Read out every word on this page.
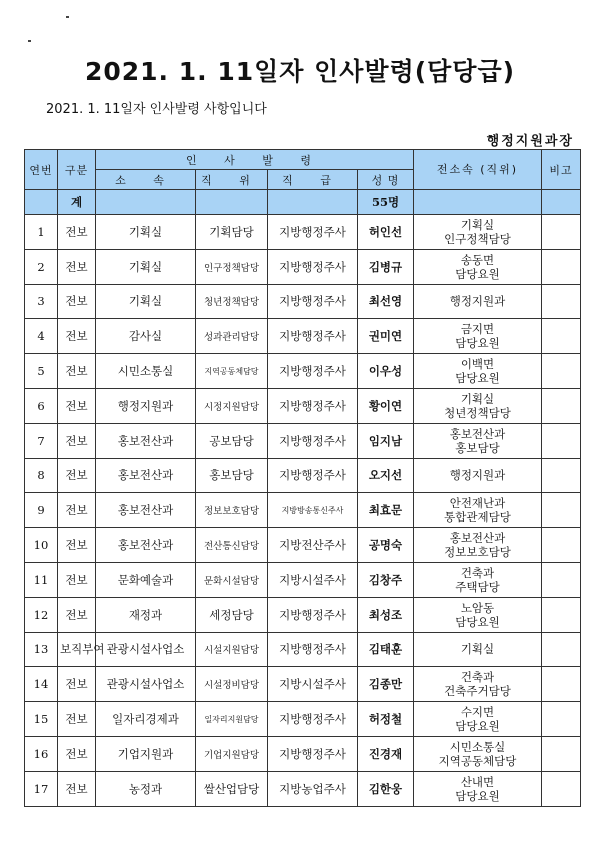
2021. 1. 11일자 인사발령(담당급)
2021. 1. 11일자 인사발령 사항입니다
행정지원과장
연번	구분	인 사 발 령				전소속 (직위)	비고
		소 속	직 위	직 급	성 명		
	계				55명		
1	전보	기획실	기획담당	지방행정주사	허인선	기획실
인구정책담당	

2	전보	기획실	인구정책담당	지방행정주사	김병규	송동면
담당요원	

3	전보	기획실	청년정책담당	지방행정주사	최선영	행정지원과	

4	전보	감사실	성과관리담당	지방행정주사	권미연	금지면
담당요원	

5	전보	시민소통실	지역공동체담당	지방행정주사	이우성	이백면
담당요원	

6	전보	행정지원과	시정지원담당	지방행정주사	황이연	기획실
청년정책담당	

7	전보	홍보전산과	공보담당	지방행정주사	임지남	홍보전산과
홍보담당	

8	전보	홍보전산과	홍보담당	지방행정주사	오지선	행정지원과	

9	전보	홍보전산과	정보보호담당	지방방송통신주사	최효문	안전재난과
통합관제담당	

10	전보	홍보전산과	전산통신담당	지방전산주사	공명숙	홍보전산과
정보보호담당	

11	전보	문화예술과	문화시설담당	지방시설주사	김창주	건축과
주택담당	

12	전보	재정과	세정담당	지방행정주사	최성조	노암동
담당요원	

13	보직부여	관광시설사업소	시설지원담당	지방행정주사	김태훈	기획실	

14	전보	관광시설사업소	시설정비담당	지방시설주사	김종만	건축과
건축주거담당	

15	전보	일자리경제과	일자리지원담당	지방행정주사	허정철	수지면
담당요원	

16	전보	기업지원과	기업지원담당	지방행정주사	진경재	시민소통실
지역공동체담당	

17	전보	농정과	쌀산업담당	지방농업주사	김한웅	산내면
담당요원	
